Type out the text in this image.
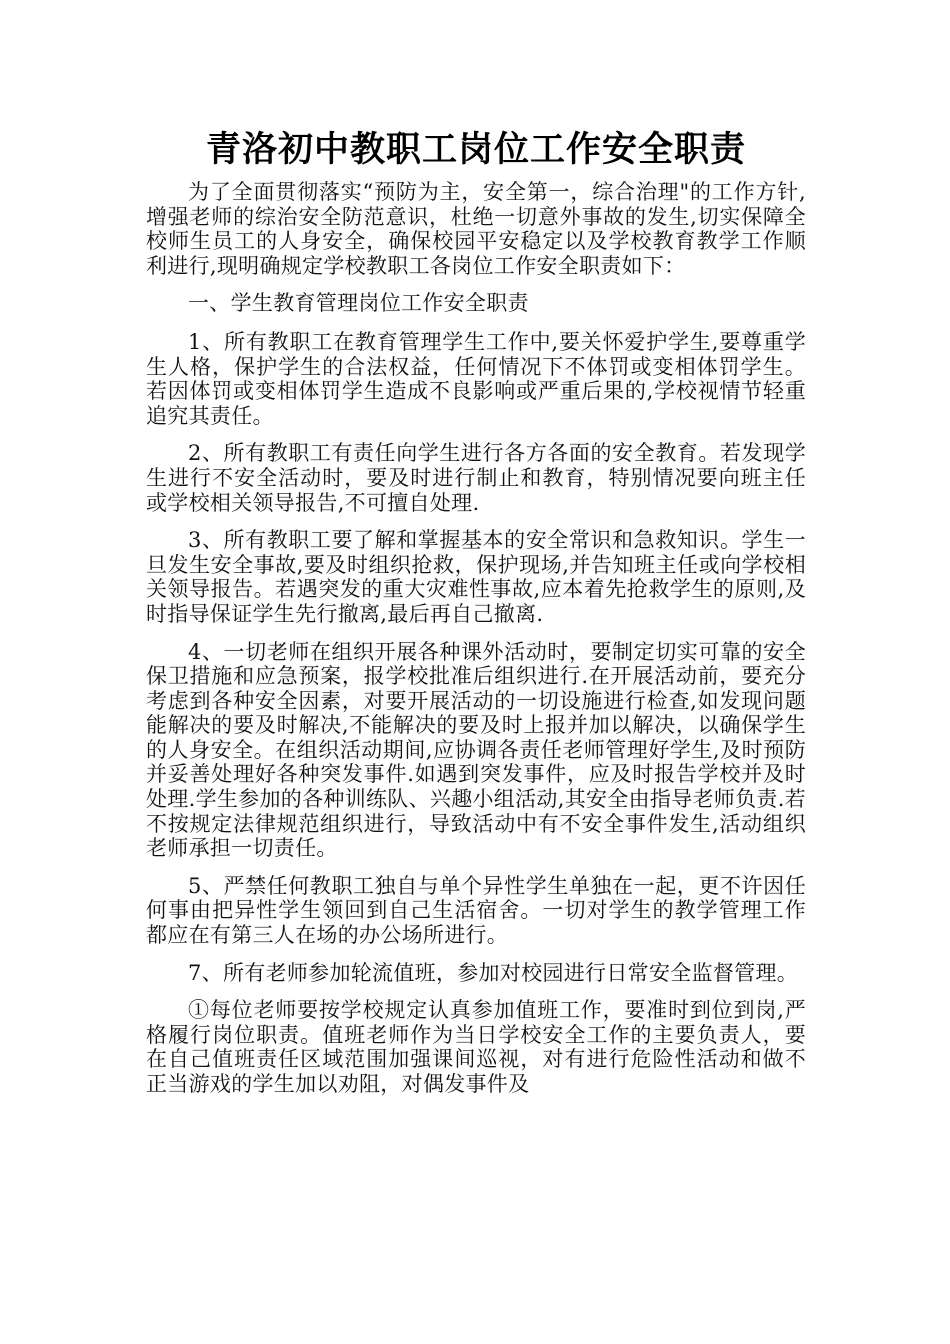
青洛初中教职工岗位工作安全职责

为了全面贯彻落实“预防为主，安全第一，综合治理"的工作方针,增强老师的综治安全防范意识，杜绝一切意外事故的发生,切实保障全校师生员工的人身安全，确保校园平安稳定以及学校教育教学工作顺利进行,现明确规定学校教职工各岗位工作安全职责如下：

一、学生教育管理岗位工作安全职责

1、所有教职工在教育管理学生工作中,要关怀爱护学生,要尊重学生人格，保护学生的合法权益，任何情况下不体罚或变相体罚学生。若因体罚或变相体罚学生造成不良影响或严重后果的,学校视情节轻重追究其责任。

2、所有教职工有责任向学生进行各方各面的安全教育。若发现学生进行不安全活动时，要及时进行制止和教育，特别情况要向班主任或学校相关领导报告,不可擅自处理.

3、所有教职工要了解和掌握基本的安全常识和急救知识。学生一旦发生安全事故,要及时组织抢救，保护现场,并告知班主任或向学校相关领导报告。若遇突发的重大灾难性事故,应本着先抢救学生的原则,及时指导保证学生先行撤离,最后再自己撤离.

4、一切老师在组织开展各种课外活动时，要制定切实可靠的安全保卫措施和应急预案，报学校批准后组织进行.在开展活动前，要充分考虑到各种安全因素，对要开展活动的一切设施进行检查,如发现问题能解决的要及时解决,不能解决的要及时上报并加以解决，以确保学生的人身安全。在组织活动期间,应协调各责任老师管理好学生,及时预防并妥善处理好各种突发事件.如遇到突发事件，应及时报告学校并及时处理.学生参加的各种训练队、兴趣小组活动,其安全由指导老师负责.若不按规定法律规范组织进行，导致活动中有不安全事件发生,活动组织老师承担一切责任。

5、严禁任何教职工独自与单个异性学生单独在一起，更不许因任何事由把异性学生领回到自己生活宿舍。一切对学生的教学管理工作都应在有第三人在场的办公场所进行。

7、所有老师参加轮流值班，参加对校园进行日常安全监督管理。

①每位老师要按学校规定认真参加值班工作，要准时到位到岗,严格履行岗位职责。值班老师作为当日学校安全工作的主要负责人，要在自己值班责任区域范围加强课间巡视，对有进行危险性活动和做不正当游戏的学生加以劝阻，对偶发事件及
